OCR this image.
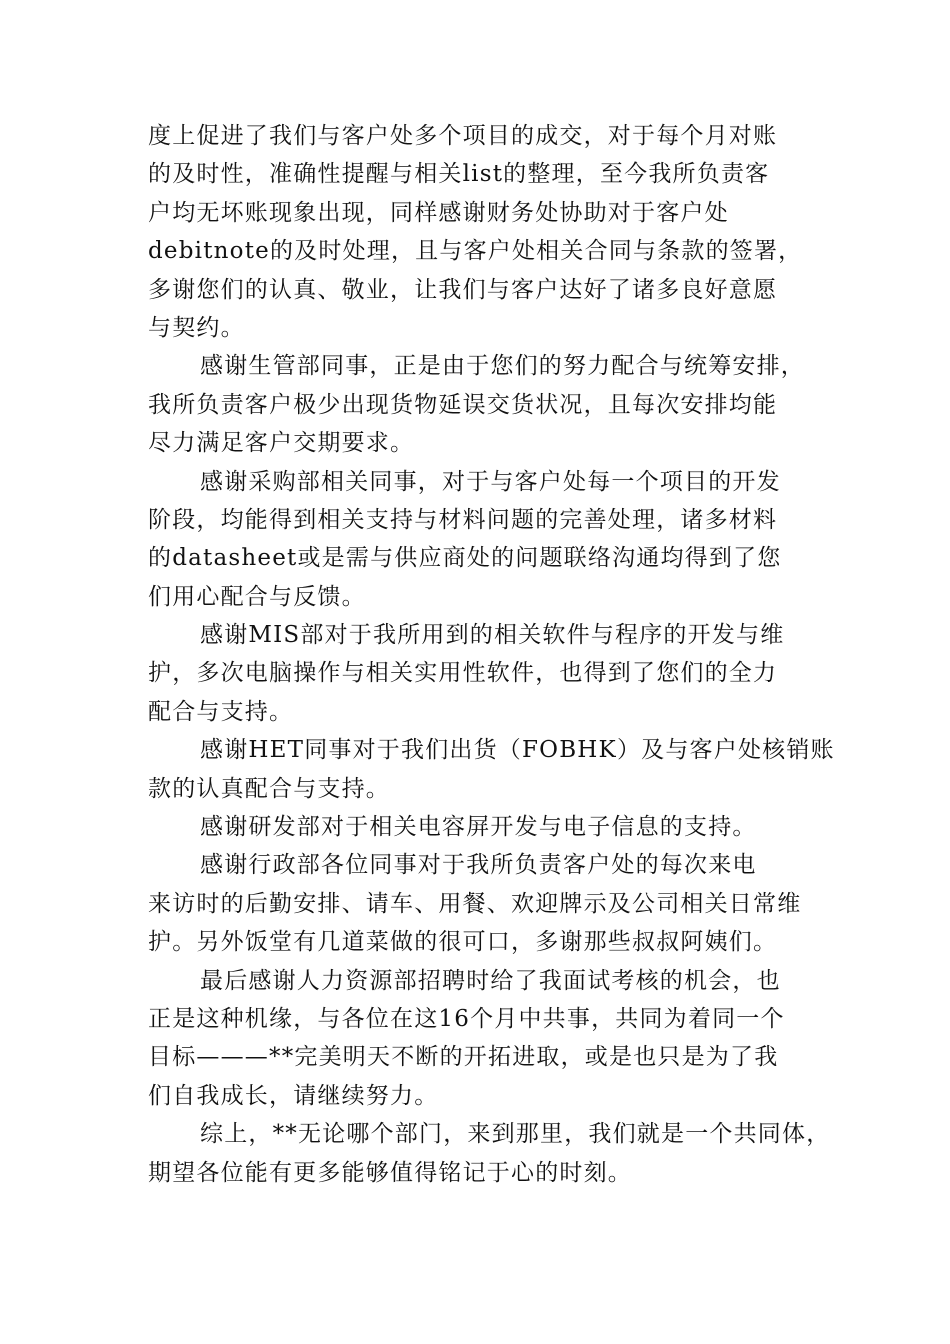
度上促进了我们与客户处多个项目的成交，对于每个月对账
的及时性，准确性提醒与相关list的整理，至今我所负责客
户均无坏账现象出现，同样感谢财务处协助对于客户处
debitnote的及时处理，且与客户处相关合同与条款的签署，
多谢您们的认真、敬业，让我们与客户达好了诸多良好意愿
与契约。
感谢生管部同事，正是由于您们的努力配合与统筹安排，
我所负责客户极少出现货物延误交货状况，且每次安排均能
尽力满足客户交期要求。
感谢采购部相关同事，对于与客户处每一个项目的开发
阶段，均能得到相关支持与材料问题的完善处理，诸多材料
的datasheet或是需与供应商处的问题联络沟通均得到了您
们用心配合与反馈。
感谢MIS部对于我所用到的相关软件与程序的开发与维
护，多次电脑操作与相关实用性软件，也得到了您们的全力
配合与支持。
感谢HET同事对于我们出货（FOBHK）及与客户处核销账
款的认真配合与支持。
感谢研发部对于相关电容屏开发与电子信息的支持。
感谢行政部各位同事对于我所负责客户处的每次来电
来访时的后勤安排、请车、用餐、欢迎牌示及公司相关日常维
护。另外饭堂有几道菜做的很可口，多谢那些叔叔阿姨们。
最后感谢人力资源部招聘时给了我面试考核的机会，也
正是这种机缘，与各位在这16个月中共事，共同为着同一个
目标———**完美明天不断的开拓进取，或是也只是为了我
们自我成长，请继续努力。
综上，**无论哪个部门，来到那里，我们就是一个共同体，
期望各位能有更多能够值得铭记于心的时刻。
